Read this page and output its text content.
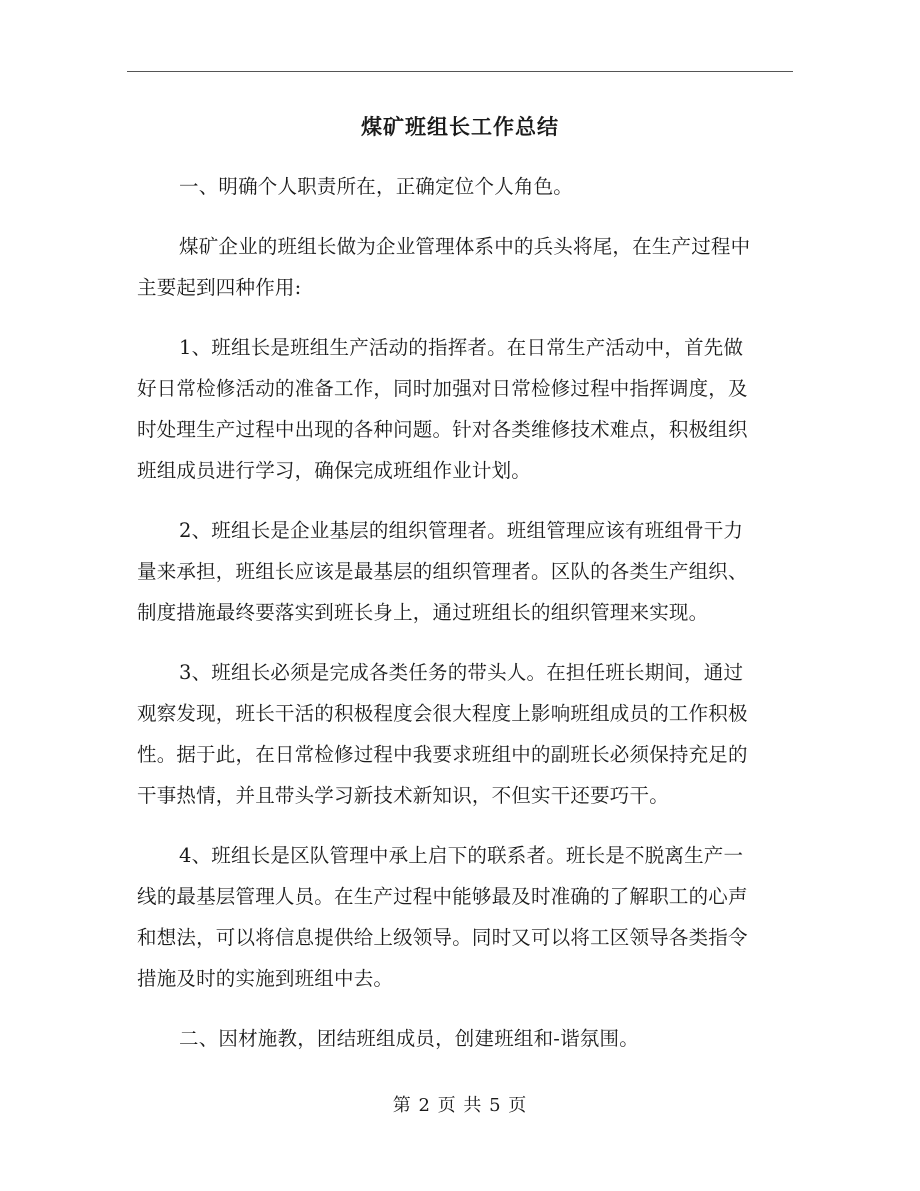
煤矿班组长工作总结

一、明确个人职责所在，正确定位个人角色。

煤矿企业的班组长做为企业管理体系中的兵头将尾，在生产过程中
主要起到四种作用:

1、班组长是班组生产活动的指挥者。在日常生产活动中，首先做
好日常检修活动的准备工作，同时加强对日常检修过程中指挥调度，及
时处理生产过程中出现的各种问题。针对各类维修技术难点，积极组织
班组成员进行学习，确保完成班组作业计划。

2、班组长是企业基层的组织管理者。班组管理应该有班组骨干力
量来承担，班组长应该是最基层的组织管理者。区队的各类生产组织、
制度措施最终要落实到班长身上，通过班组长的组织管理来实现。

3、班组长必须是完成各类任务的带头人。在担任班长期间，通过
观察发现，班长干活的积极程度会很大程度上影响班组成员的工作积极
性。据于此，在日常检修过程中我要求班组中的副班长必须保持充足的
干事热情，并且带头学习新技术新知识，不但实干还要巧干。

4、班组长是区队管理中承上启下的联系者。班长是不脱离生产一
线的最基层管理人员。在生产过程中能够最及时准确的了解职工的心声
和想法，可以将信息提供给上级领导。同时又可以将工区领导各类指令
措施及时的实施到班组中去。

二、因材施教，团结班组成员，创建班组和-谐氛围。

第 2 页 共 5 页
